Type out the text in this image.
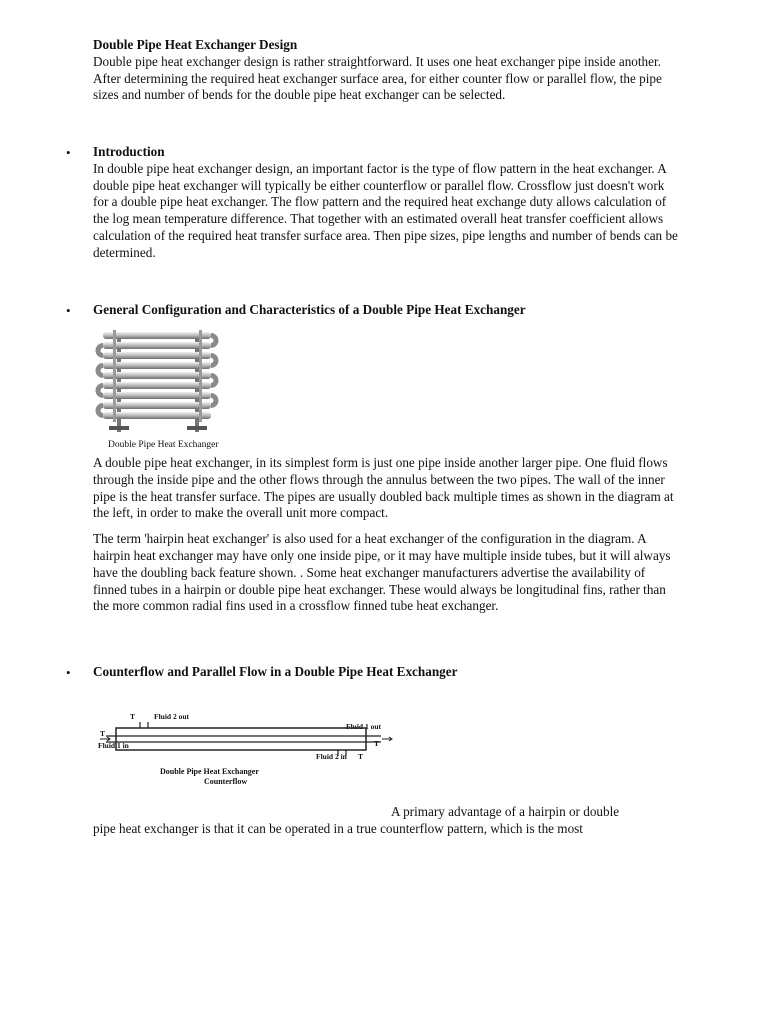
Double Pipe Heat Exchanger Design

Double pipe heat exchanger design is rather straightforward. It uses one heat exchanger pipe inside another. After determining the required heat exchanger surface area, for either counter flow or parallel flow, the pipe sizes and number of bends for the double pipe heat exchanger can be selected.

• Introduction

In double pipe heat exchanger design, an important factor is the type of flow pattern in the heat exchanger. A double pipe heat exchanger will typically be either counterflow or parallel flow. Crossflow just doesn't work for a double pipe heat exchanger. The flow pattern and the required heat exchange duty allows calculation of the log mean temperature difference. That together with an estimated overall heat transfer coefficient allows calculation of the required heat transfer surface area. Then pipe sizes, pipe lengths and number of bends can be determined.

• General Configuration and Characteristics of a Double Pipe Heat Exchanger
Double Pipe Heat Exchanger

A double pipe heat exchanger, in its simplest form is just one pipe inside another larger pipe. One fluid flows through the inside pipe and the other flows through the annulus between the two pipes. The wall of the inner pipe is the heat transfer surface. The pipes are usually doubled back multiple times as shown in the diagram at the left, in order to make the overall unit more compact.

The term 'hairpin heat exchanger' is also used for a heat exchanger of the configuration in the diagram. A hairpin heat exchanger may have only one inside pipe, or it may have multiple inside tubes, but it will always have the doubling back feature shown. . Some heat exchanger manufacturers advertise the availability of finned tubes in a hairpin or double pipe heat exchanger. These would always be longitudinal fins, rather than the more common radial fins used in a crossflow finned tube heat exchanger.

• Counterflow and Parallel Flow in a Double Pipe Heat Exchanger
T	Fluid 2 out
Fluid 1 out
T
Fluid 1 in
Fluid 2 in T
T
Double Pipe Heat Exchanger
Counterflow

A primary advantage of a hairpin or double

pipe heat exchanger is that it can be operated in a true counterflow pattern, which is the most
